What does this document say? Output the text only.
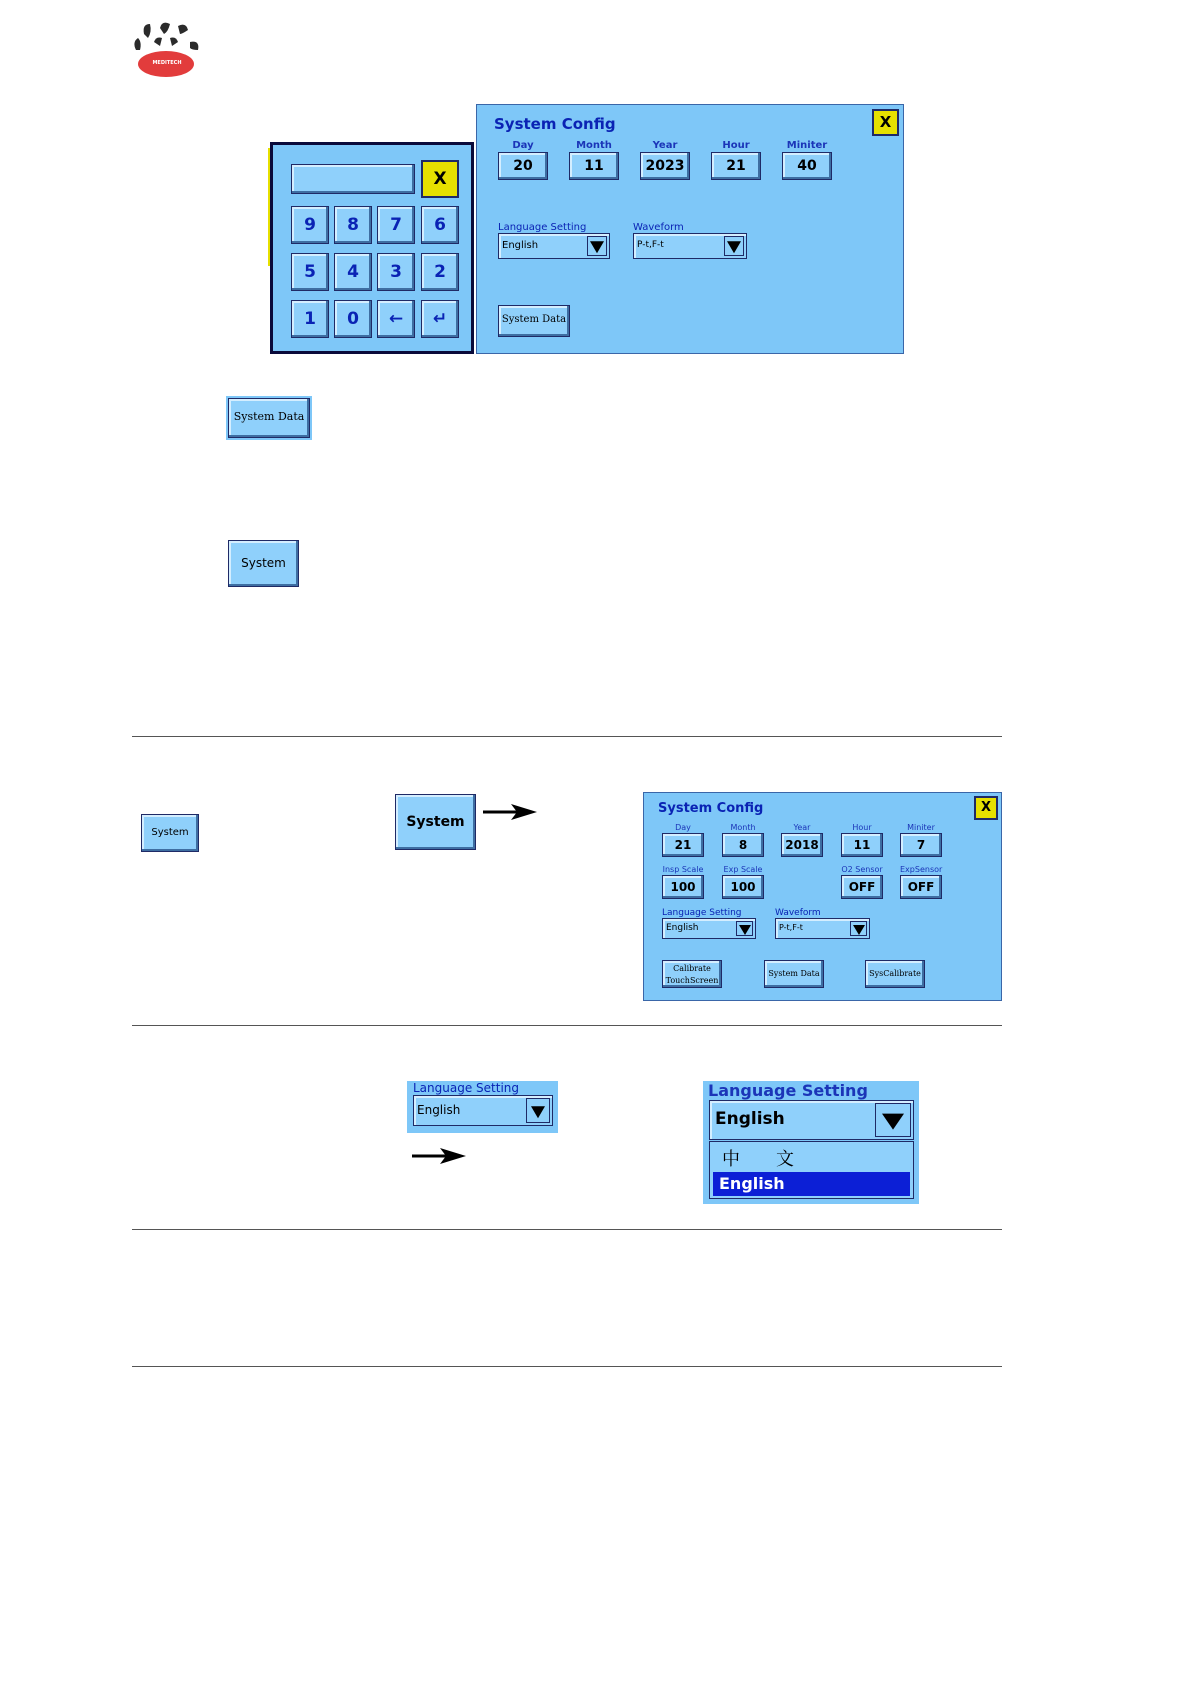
MEDITECH
X
9	8	7	6
5	4	3	2
1	0	←	↵
System Config	X
Day
20
Month
11
Year
2023
Hour
21
Miniter
40
Language Setting
English
Waveform
P-t,F-t
System Data
System Data
System
System
System
System Config	X
Day
21
Month
8
Year
2018
Hour
11
Miniter
7
Insp Scale
100
Exp Scale
100
O2 Sensor
OFF
ExpSensor
OFF
Language Setting
English
Waveform
P-t,F-t
Calibrate TouchScreen
System Data	SysCalibrate
Language Setting
English
Language Setting
English
中　　文
English
